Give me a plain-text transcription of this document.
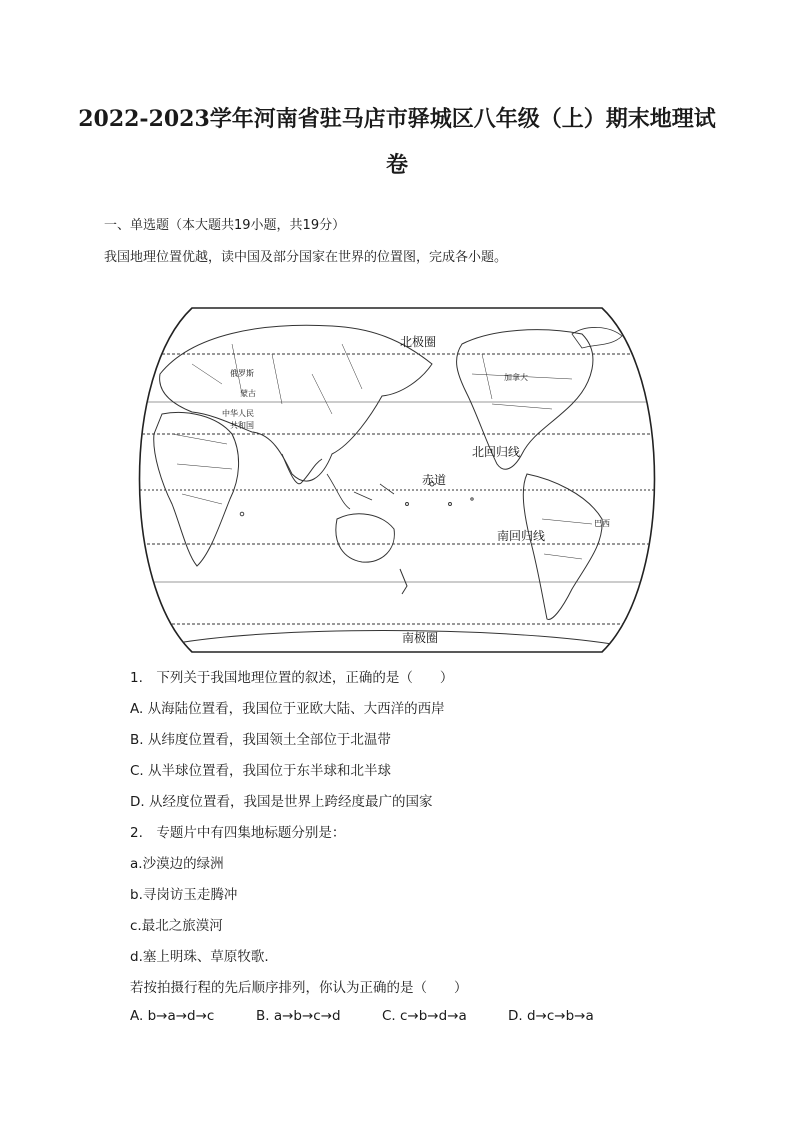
2022-2023学年河南省驻马店市驿城区八年级（上）期末地理试
卷
一、单选题（本大题共19小题，共19分）
我国地理位置优越，读中国及部分国家在世界的位置图，完成各小题。
北极圈
北回归线
赤道
南回归线
南极圈
俄罗斯
蒙古
中华人民
共和国
加拿大
巴西
1.　下列关于我国地理位置的叙述，正确的是（　　）
A. 从海陆位置看，我国位于亚欧大陆、大西洋的西岸
B. 从纬度位置看，我国领土全部位于北温带
C. 从半球位置看，我国位于东半球和北半球
D. 从经度位置看，我国是世界上跨经度最广的国家
2.　专题片中有四集地标题分别是：
a.沙漠边的绿洲
b.寻岗访玉走腾冲
c.最北之旅漠河
d.塞上明珠、草原牧歌.
若按拍摄行程的先后顺序排列，你认为正确的是（　　）
A. b→a→d→c	B. a→b→c→d	C. c→b→d→a	D. d→c→b→a
